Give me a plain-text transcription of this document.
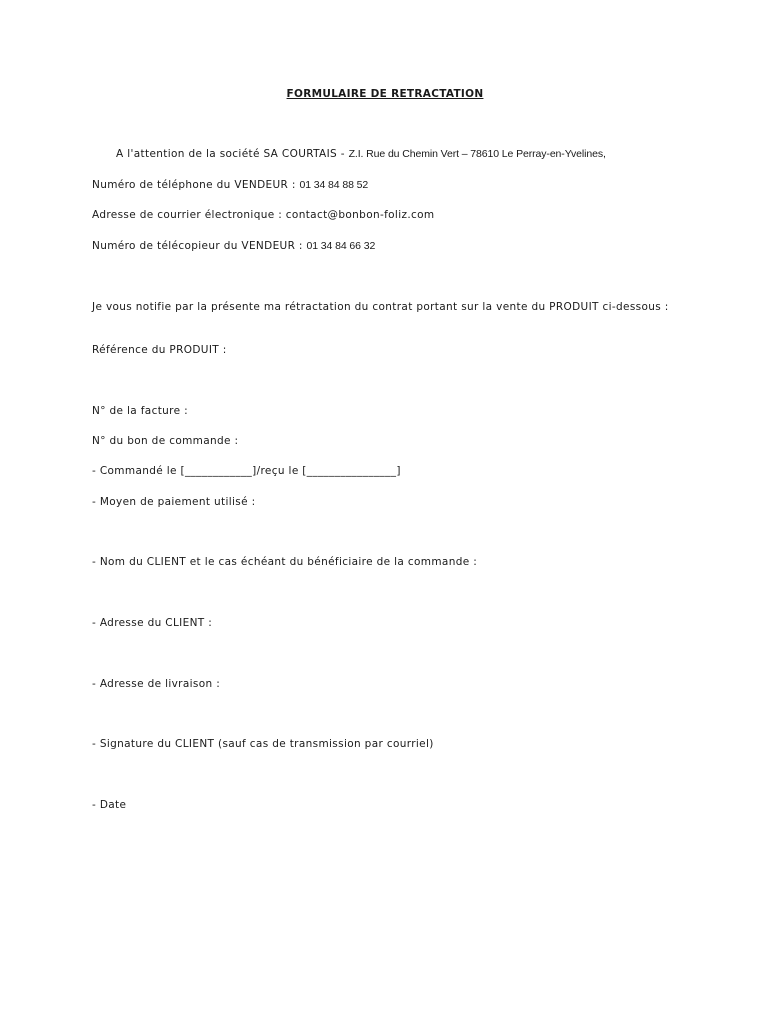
FORMULAIRE DE RETRACTATION
A l'attention de la société SA COURTAIS - Z.I. Rue du Chemin Vert – 78610 Le Perray-en-Yvelines,
Numéro de téléphone du VENDEUR : 01 34 84 88 52
Adresse de courrier électronique : contact@bonbon-foliz.com
Numéro de télécopieur du VENDEUR : 01 34 84 66 32
Je vous notifie par la présente ma rétractation du contrat portant sur la vente du PRODUIT ci-dessous :
Référence du PRODUIT :
N° de la facture :
N° du bon de commande :
- Commandé le [____________]/reçu le [________________]
- Moyen de paiement utilisé :
- Nom du CLIENT et le cas échéant du bénéficiaire de la commande :
- Adresse du CLIENT :
- Adresse de livraison :
- Signature du CLIENT (sauf cas de transmission par courriel)
- Date
